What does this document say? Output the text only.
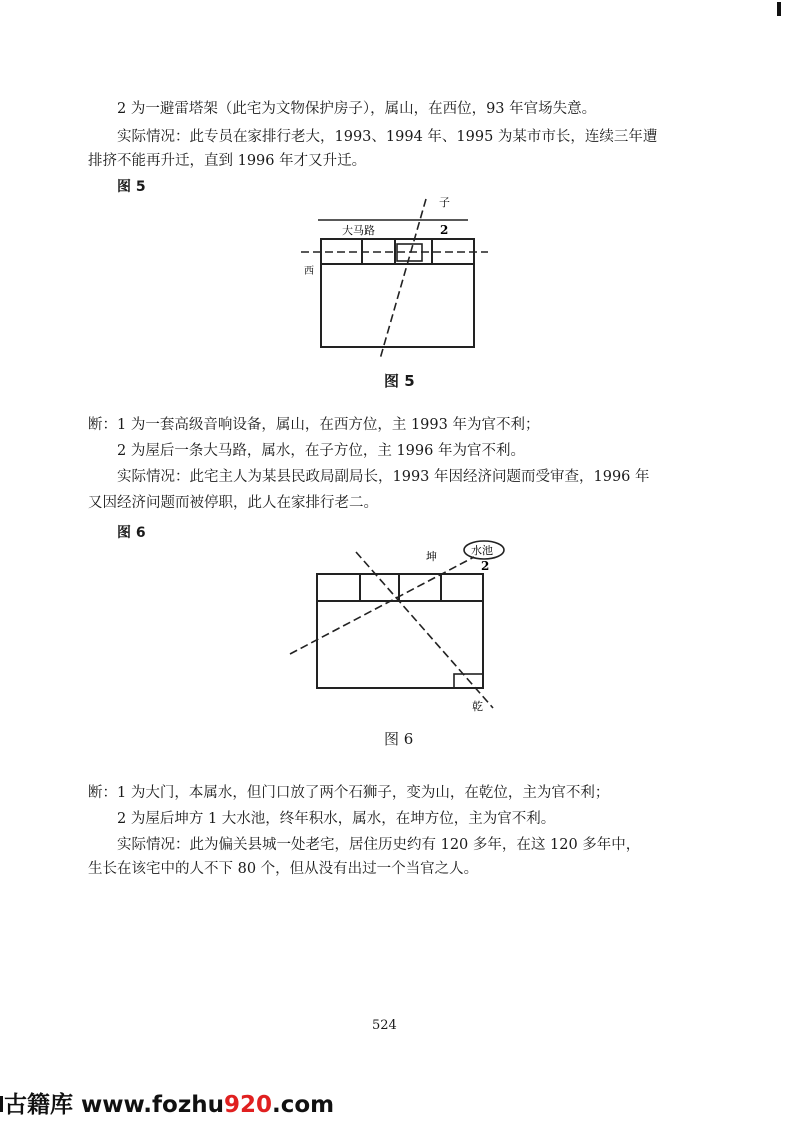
2 为一避雷塔架（此宅为文物保护房子），属山，在西位，93 年官场失意。
实际情况：此专员在家排行老大，1993、1994 年、1995 为某市市长，连续三年遭
排挤不能再升迁，直到 1996 年才又升迁。
图 5
子
大马路	2
西
图 5
断：1 为一套高级音响设备，属山，在西方位，主 1993 年为官不利；
2 为屋后一条大马路，属水，在子方位，主 1996 年为官不利。
实际情况：此宅主人为某县民政局副局长，1993 年因经济问题而受审查，1996 年
又因经济问题而被停职，此人在家排行老二。
图 6
坤	水池
2
乾
图 6
断：1 为大门，本属水，但门口放了两个石狮子，变为山，在乾位，主为官不利；
2 为屋后坤方 1 大水池，终年积水，属水，在坤方位，主为官不利。
实际情况：此为偏关县城一处老宅，居住历史约有 120 多年，在这 120 多年中，
生长在该宅中的人不下 80 个，但从没有出过一个当官之人。
524
古籍库 www.fozhu920.com
